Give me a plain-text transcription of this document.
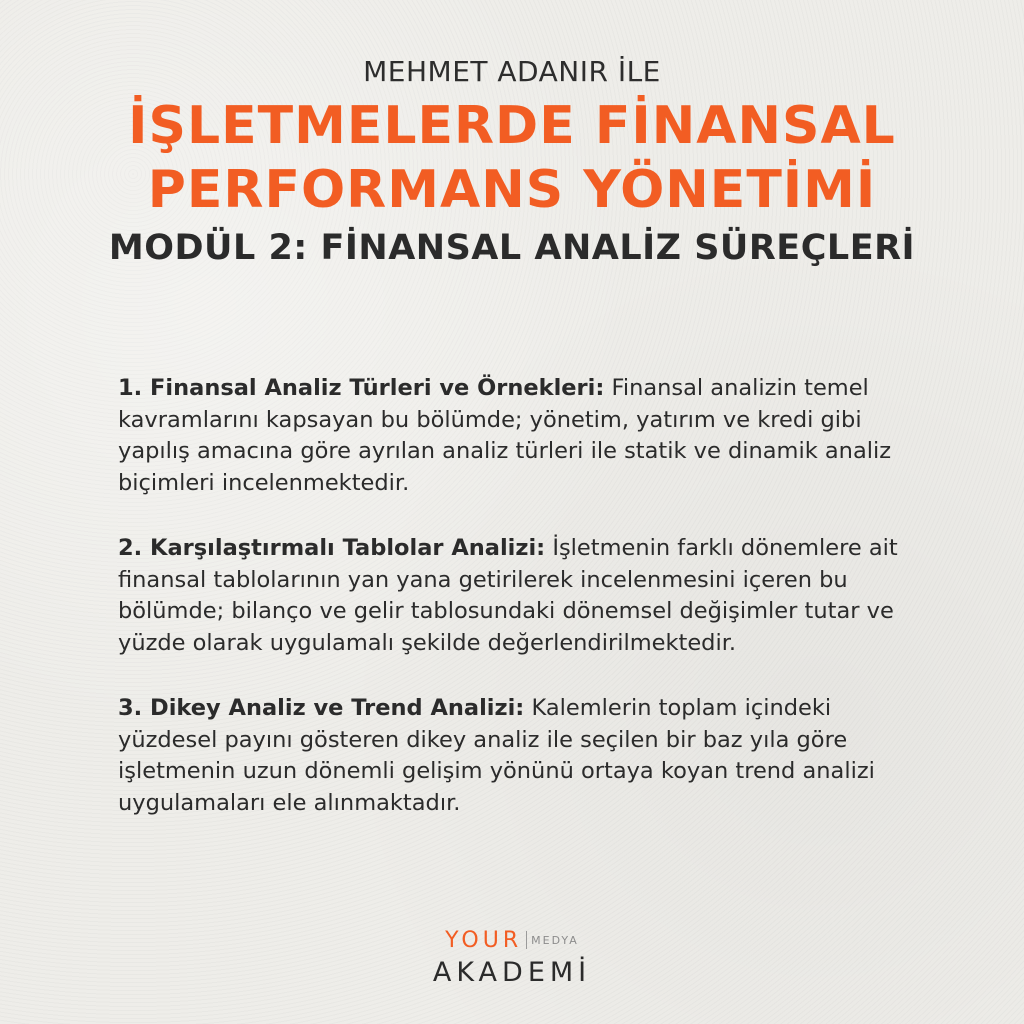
MEHMET ADANIR İLE
İŞLETMELERDE FİNANSAL
PERFORMANS YÖNETİMİ
MODÜL 2: FİNANSAL ANALİZ SÜREÇLERİ

1. Finansal Analiz Türleri ve Örnekleri: Finansal analizin temel kavramlarını kapsayan bu bölümde; yönetim, yatırım ve kredi gibi yapılış amacına göre ayrılan analiz türleri ile statik ve dinamik analiz biçimleri incelenmektedir.

2. Karşılaştırmalı Tablolar Analizi: İşletmenin farklı dönemlere ait finansal tablolarının yan yana getirilerek incelenmesini içeren bu bölümde; bilanço ve gelir tablosundaki dönemsel değişimler tutar ve yüzde olarak uygulamalı şekilde değerlendirilmektedir.

3. Dikey Analiz ve Trend Analizi: Kalemlerin toplam içindeki yüzdesel payını gösteren dikey analiz ile seçilen bir baz yıla göre işletmenin uzun dönemli gelişim yönünü ortaya koyan trend analizi uygulamaları ele alınmaktadır.

YOUR MEDYA
AKADEMİ
